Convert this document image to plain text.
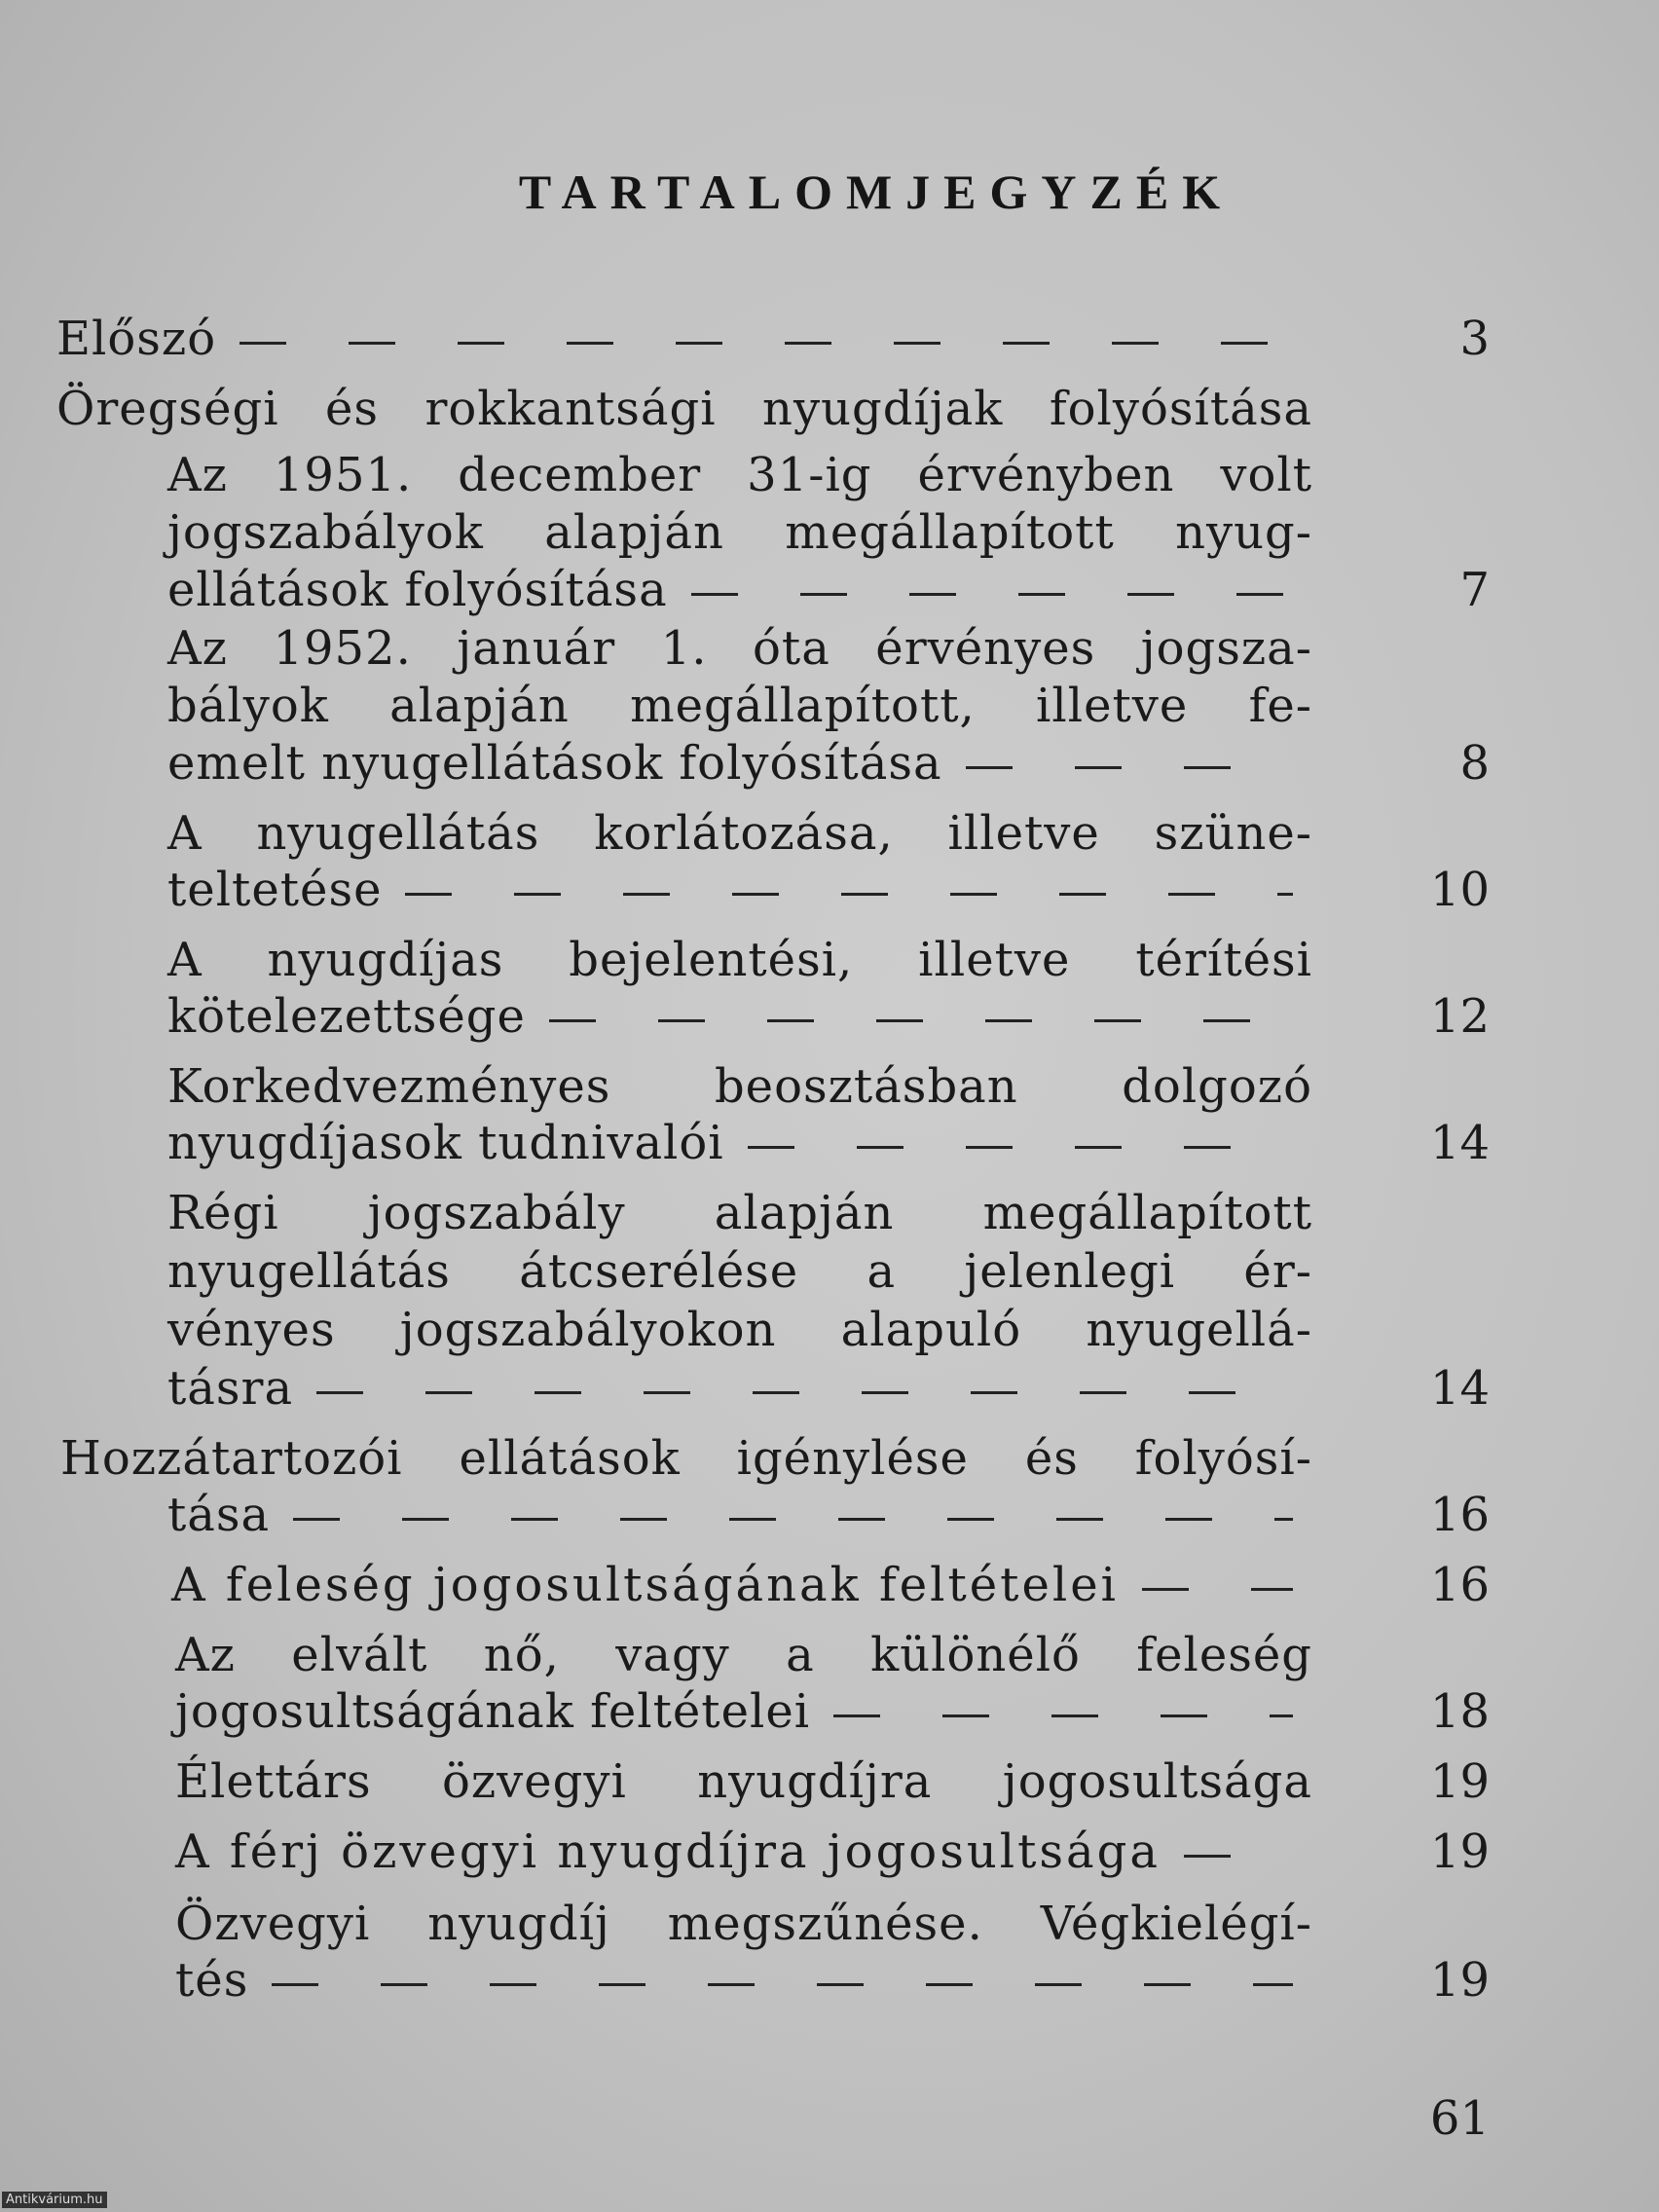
TARTALOMJEGYZÉK
Előszó	3
Öregségi és rokkantsági nyugdíjak folyósítása
Az 1951. december 31-ig érvényben volt
jogszabályok alapján megállapított nyug-
ellátások folyósítása	7
Az 1952. január 1. óta érvényes jogsza-
bályok alapján megállapított, illetve fe-
emelt nyugellátások folyósítása	8
A nyugellátás korlátozása, illetve szüne-
teltetése	10
A nyugdíjas bejelentési, illetve térítési
kötelezettsége	12
Korkedvezményes beosztásban dolgozó
nyugdíjasok tudnivalói	14
Régi jogszabály alapján megállapított
nyugellátás átcserélése a jelenlegi ér-
vényes jogszabályokon alapuló nyugellá-
tásra	14
Hozzátartozói ellátások igénylése és folyósí-
tása	16
A feleség jogosultságának feltételei	16
Az elvált nő, vagy a különélő feleség
jogosultságának feltételei	18
Élettárs özvegyi nyugdíjra jogosultsága	19
A férj özvegyi nyugdíjra jogosultsága	19
Özvegyi nyugdíj megszűnése. Végkielégí-
tés	19
61
Antikvárium.hu
